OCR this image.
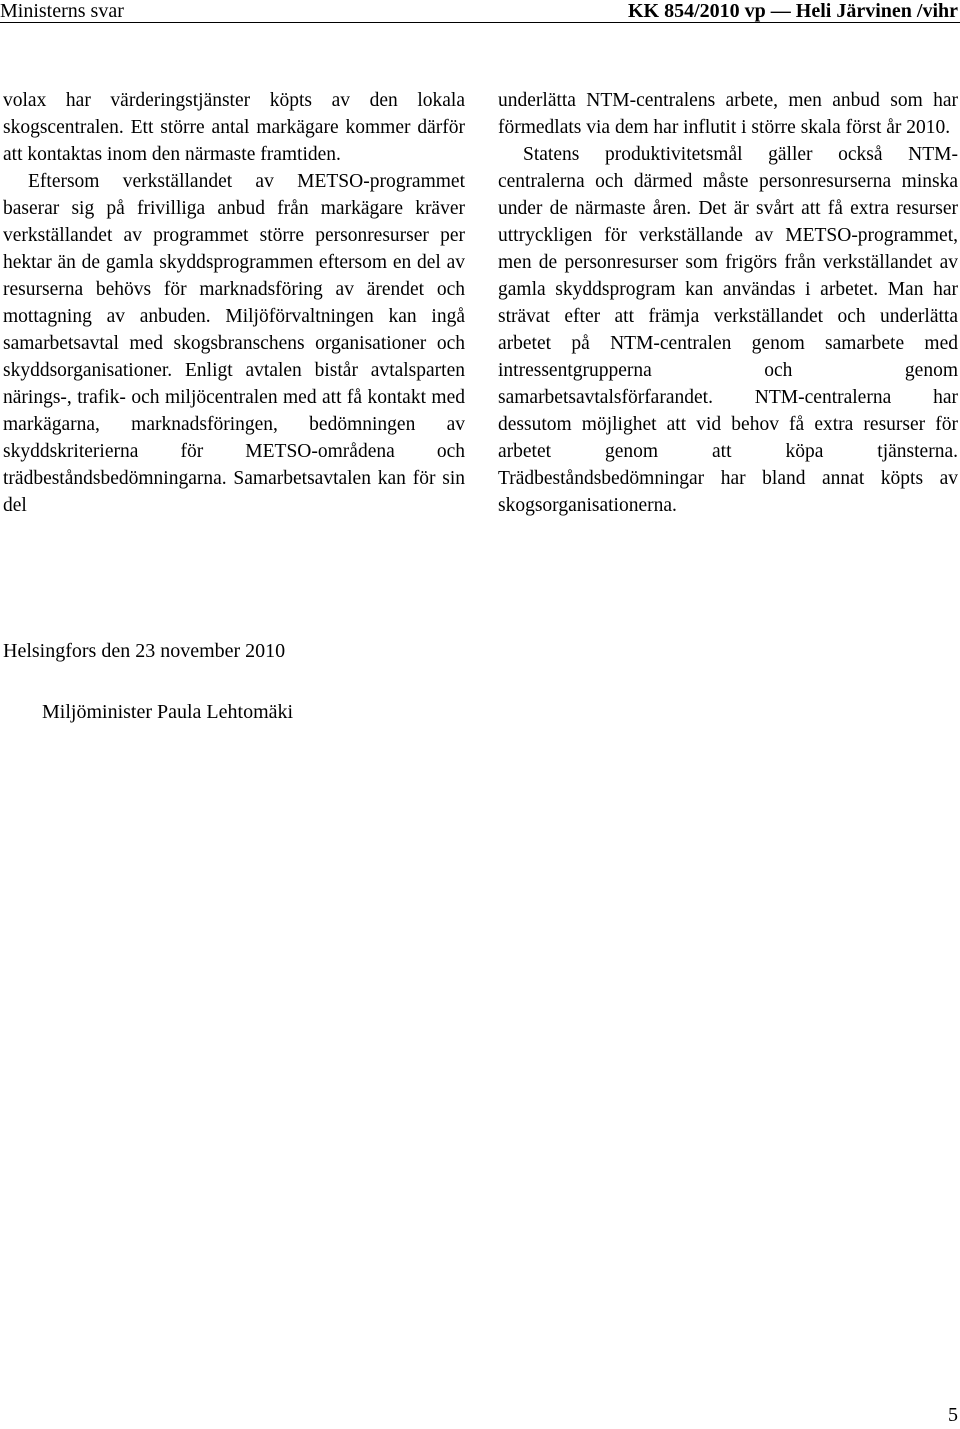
Ministerns svar	KK 854/2010 vp — Heli Järvinen /vihr

volax har värderingstjänster köpts av den lokala skogscentralen. Ett större antal markägare kommer därför att kontaktas inom den närmaste framtiden.

Eftersom verkställandet av METSO-programmet baserar sig på frivilliga anbud från markägare kräver verkställandet av programmet större personresurser per hektar än de gamla skyddsprogrammen eftersom en del av resurserna behövs för marknadsföring av ärendet och mottagning av anbuden. Miljöförvaltningen kan ingå samarbetsavtal med skogsbranschens organisationer och skyddsorganisationer. Enligt avtalen bistår avtalsparten närings-, trafik- och miljöcentralen med att få kontakt med markägarna, marknadsföringen, bedömningen av skyddskriterierna för METSO-områdena och trädbeståndsbedömningarna. Samarbetsavtalen kan för sin del

underlätta NTM-centralens arbete, men anbud som har förmedlats via dem har influtit i större skala först år 2010.

Statens produktivitetsmål gäller också NTM-centralerna och därmed måste personresurserna minska under de närmaste åren. Det är svårt att få extra resurser uttryckligen för verkställande av METSO-programmet, men de personresurser som frigörs från verkställandet av gamla skyddsprogram kan användas i arbetet. Man har strävat efter att främja verkställandet och underlätta arbetet på NTM-centralen genom samarbete med intressentgrupperna och genom samarbetsavtalsförfarandet. NTM-centralerna har dessutom möjlighet att vid behov få extra resurser för arbetet genom att köpa tjänsterna. Trädbeståndsbedömningar har bland annat köpts av skogsorganisationerna.

Helsingfors den 23 november 2010
Miljöminister Paula Lehtomäki
5
